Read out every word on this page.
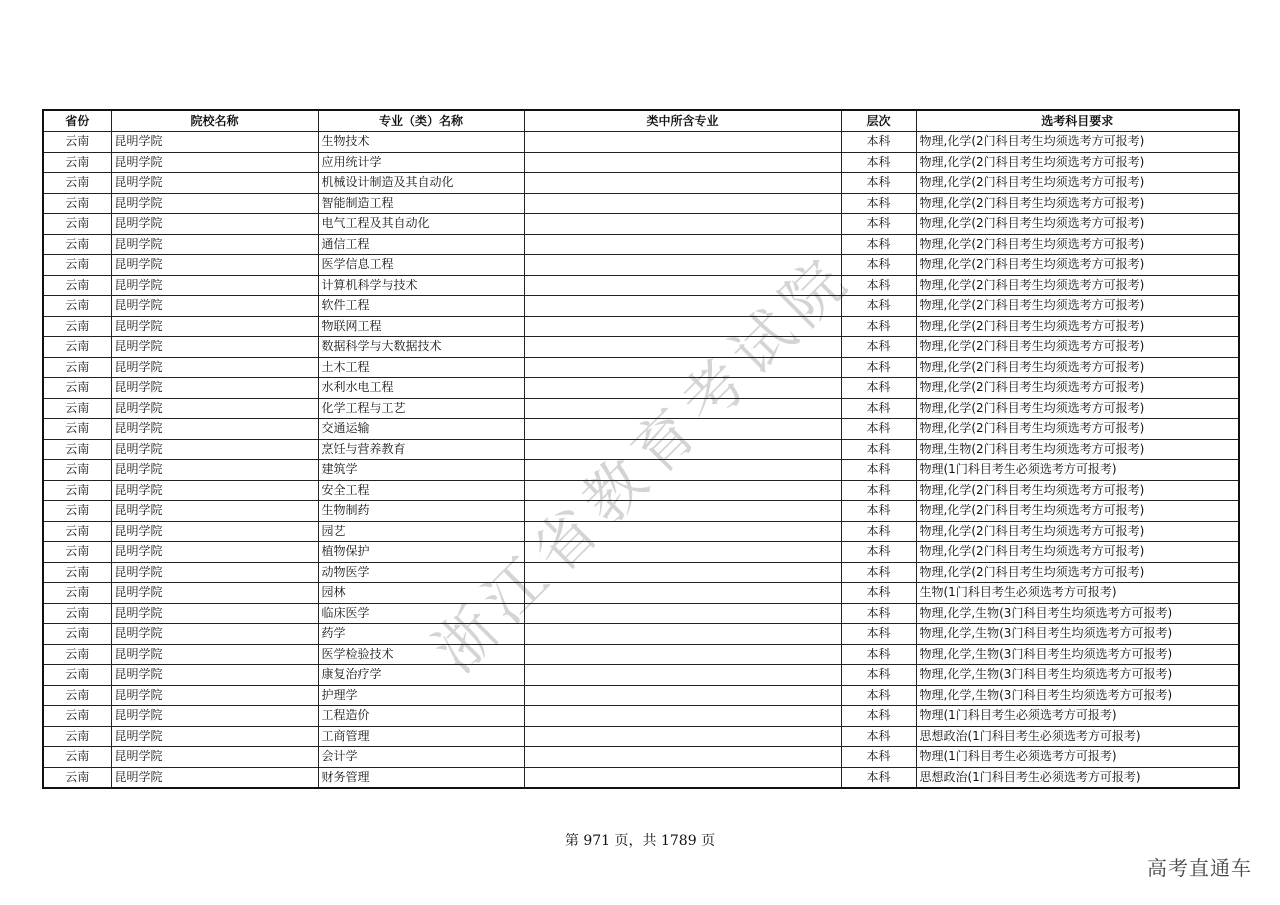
浙江省教育考试院
省份	院校名称	专业（类）名称	类中所含专业	层次	选考科目要求
云南	昆明学院	生物技术		本科	物理,化学(2门科目考生均须选考方可报考)
云南	昆明学院	应用统计学		本科	物理,化学(2门科目考生均须选考方可报考)
云南	昆明学院	机械设计制造及其自动化		本科	物理,化学(2门科目考生均须选考方可报考)
云南	昆明学院	智能制造工程		本科	物理,化学(2门科目考生均须选考方可报考)
云南	昆明学院	电气工程及其自动化		本科	物理,化学(2门科目考生均须选考方可报考)
云南	昆明学院	通信工程		本科	物理,化学(2门科目考生均须选考方可报考)
云南	昆明学院	医学信息工程		本科	物理,化学(2门科目考生均须选考方可报考)
云南	昆明学院	计算机科学与技术		本科	物理,化学(2门科目考生均须选考方可报考)
云南	昆明学院	软件工程		本科	物理,化学(2门科目考生均须选考方可报考)
云南	昆明学院	物联网工程		本科	物理,化学(2门科目考生均须选考方可报考)
云南	昆明学院	数据科学与大数据技术		本科	物理,化学(2门科目考生均须选考方可报考)
云南	昆明学院	土木工程		本科	物理,化学(2门科目考生均须选考方可报考)
云南	昆明学院	水利水电工程		本科	物理,化学(2门科目考生均须选考方可报考)
云南	昆明学院	化学工程与工艺		本科	物理,化学(2门科目考生均须选考方可报考)
云南	昆明学院	交通运输		本科	物理,化学(2门科目考生均须选考方可报考)
云南	昆明学院	烹饪与营养教育		本科	物理,生物(2门科目考生均须选考方可报考)
云南	昆明学院	建筑学		本科	物理(1门科目考生必须选考方可报考)
云南	昆明学院	安全工程		本科	物理,化学(2门科目考生均须选考方可报考)
云南	昆明学院	生物制药		本科	物理,化学(2门科目考生均须选考方可报考)
云南	昆明学院	园艺		本科	物理,化学(2门科目考生均须选考方可报考)
云南	昆明学院	植物保护		本科	物理,化学(2门科目考生均须选考方可报考)
云南	昆明学院	动物医学		本科	物理,化学(2门科目考生均须选考方可报考)
云南	昆明学院	园林		本科	生物(1门科目考生必须选考方可报考)
云南	昆明学院	临床医学		本科	物理,化学,生物(3门科目考生均须选考方可报考)
云南	昆明学院	药学		本科	物理,化学,生物(3门科目考生均须选考方可报考)
云南	昆明学院	医学检验技术		本科	物理,化学,生物(3门科目考生均须选考方可报考)
云南	昆明学院	康复治疗学		本科	物理,化学,生物(3门科目考生均须选考方可报考)
云南	昆明学院	护理学		本科	物理,化学,生物(3门科目考生均须选考方可报考)
云南	昆明学院	工程造价		本科	物理(1门科目考生必须选考方可报考)
云南	昆明学院	工商管理		本科	思想政治(1门科目考生必须选考方可报考)
云南	昆明学院	会计学		本科	物理(1门科目考生必须选考方可报考)
云南	昆明学院	财务管理		本科	思想政治(1门科目考生必须选考方可报考)

第 971 页，共 1789 页

高考直通车
